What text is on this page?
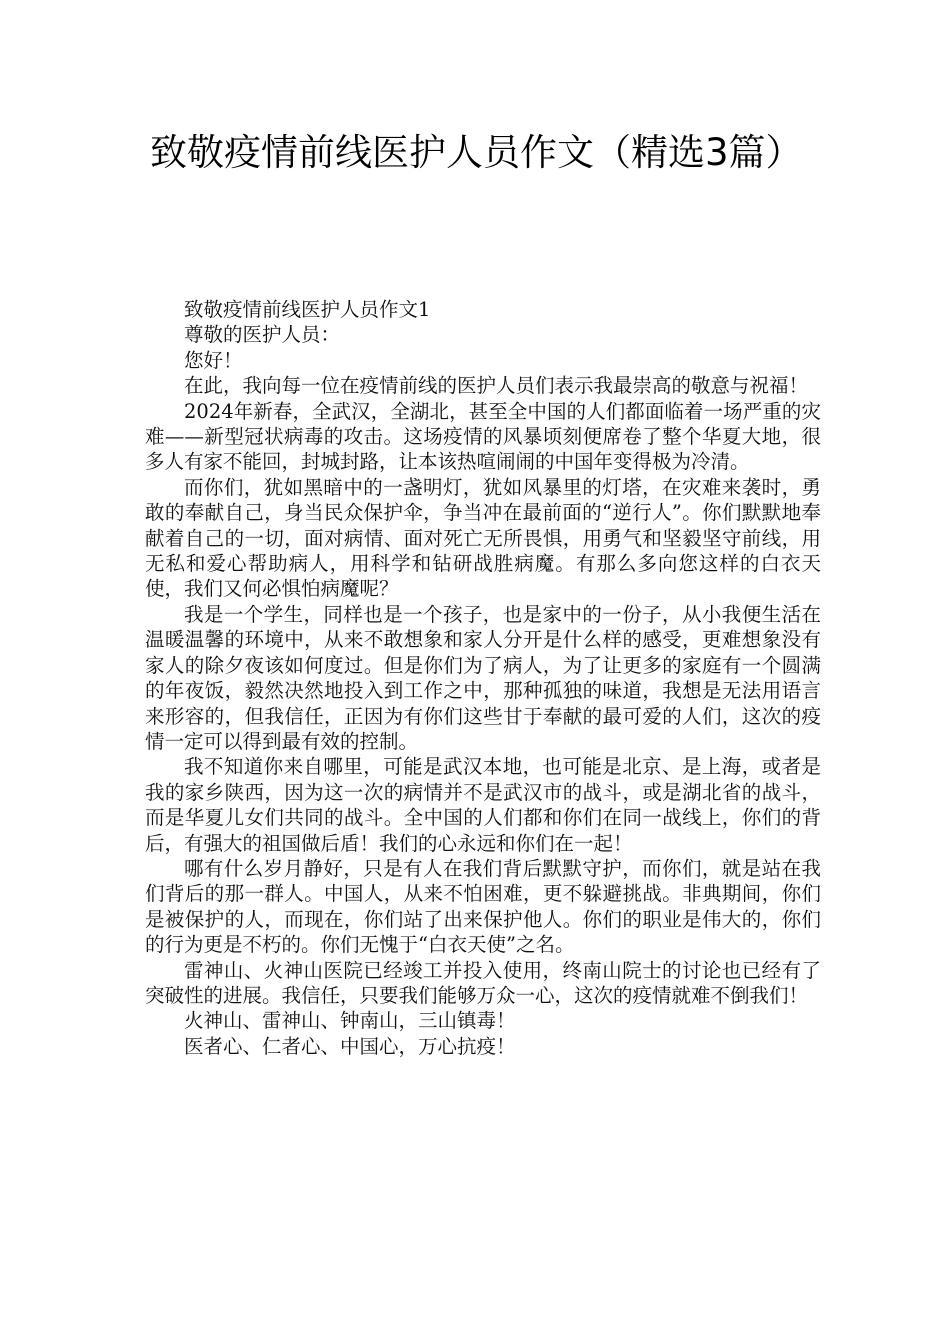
致敬疫情前线医护人员作文（精选3篇）

致敬疫情前线医护人员作文1

尊敬的医护人员：

您好！

在此，我向每一位在疫情前线的医护人员们表示我最崇高的敬意与祝福！

2024年新春，全武汉，全湖北，甚至全中国的人们都面临着一场严重的灾难——新型冠状病毒的攻击。这场疫情的风暴顷刻便席卷了整个华夏大地，很多人有家不能回，封城封路，让本该热喧闹闹的中国年变得极为冷清。

而你们，犹如黑暗中的一盏明灯，犹如风暴里的灯塔，在灾难来袭时，勇敢的奉献自己，身当民众保护伞，争当冲在最前面的“逆行人”。你们默默地奉献着自己的一切，面对病情、面对死亡无所畏惧，用勇气和坚毅坚守前线，用无私和爱心帮助病人，用科学和钻研战胜病魔。有那么多向您这样的白衣天使，我们又何必惧怕病魔呢？

我是一个学生，同样也是一个孩子，也是家中的一份子，从小我便生活在温暖温馨的环境中，从来不敢想象和家人分开是什么样的感受，更难想象没有家人的除夕夜该如何度过。但是你们为了病人，为了让更多的家庭有一个圆满的年夜饭，毅然决然地投入到工作之中，那种孤独的味道，我想是无法用语言来形容的，但我信任，正因为有你们这些甘于奉献的最可爱的人们，这次的疫情一定可以得到最有效的控制。

我不知道你来自哪里，可能是武汉本地，也可能是北京、是上海，或者是我的家乡陕西，因为这一次的病情并不是武汉市的战斗，或是湖北省的战斗，而是华夏儿女们共同的战斗。全中国的人们都和你们在同一战线上，你们的背后，有强大的祖国做后盾！我们的心永远和你们在一起！

哪有什么岁月静好，只是有人在我们背后默默守护，而你们，就是站在我们背后的那一群人。中国人，从来不怕困难，更不躲避挑战。非典期间，你们是被保护的人，而现在，你们站了出来保护他人。你们的职业是伟大的，你们的行为更是不朽的。你们无愧于“白衣天使”之名。

雷神山、火神山医院已经竣工并投入使用，终南山院士的讨论也已经有了突破性的进展。我信任，只要我们能够万众一心，这次的疫情就难不倒我们！

火神山、雷神山、钟南山，三山镇毒！

医者心、仁者心、中国心，万心抗疫！
